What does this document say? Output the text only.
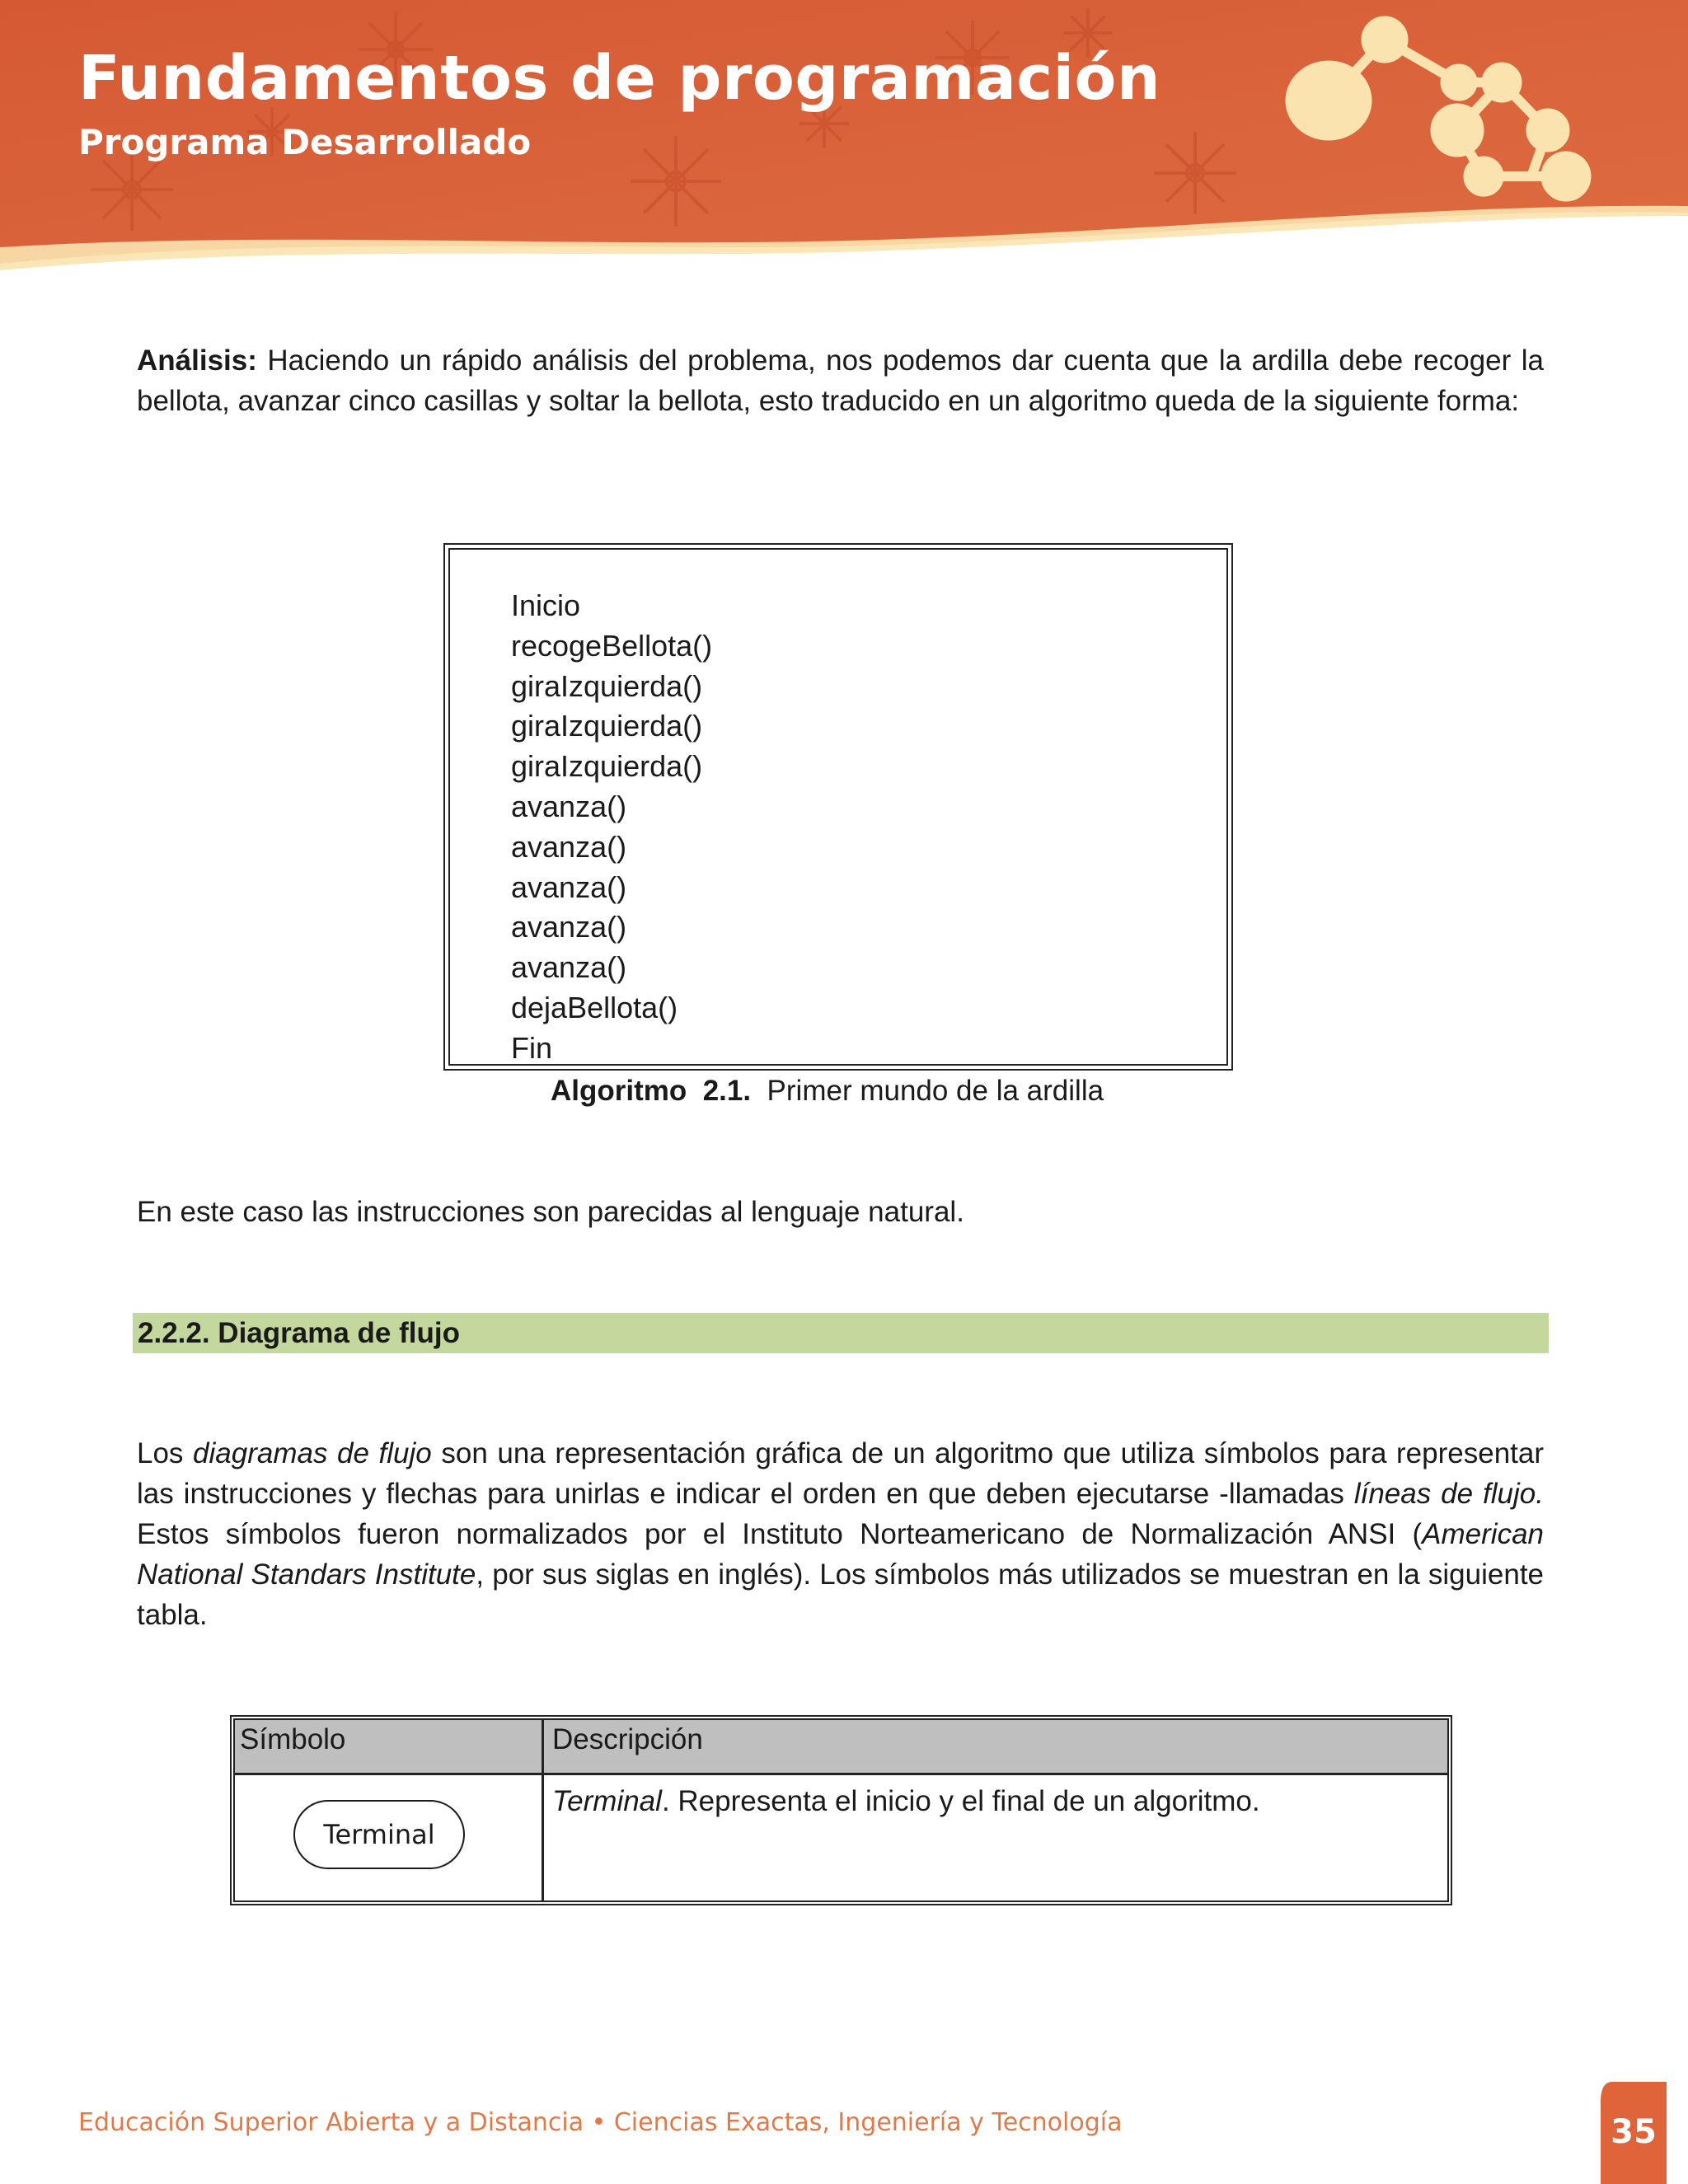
Fundamentos de programación
Programa Desarrollado

Análisis: Haciendo un rápido análisis del problema, nos podemos dar cuenta que la ardilla debe recoger la bellota, avanzar cinco casillas y soltar la bellota, esto traducido en un algoritmo queda de la siguiente forma:

Inicio
recogeBellota()
giraIzquierda()
giraIzquierda()
giraIzquierda()
avanza()
avanza()
avanza()
avanza()
avanza()
dejaBellota()
Fin

Algoritmo  2.1.  Primer mundo de la ardilla

En este caso las instrucciones son parecidas al lenguaje natural.

2.2.2. Diagrama de flujo

Los diagramas de flujo son una representación gráfica de un algoritmo que utiliza símbolos para representar las instrucciones y flechas para unirlas e indicar el orden en que deben ejecutarse -llamadas líneas de flujo.  Estos símbolos fueron normalizados por el Instituto Norteamericano de Normalización ANSI (American National Standars Institute, por sus siglas en inglés). Los símbolos más utilizados se muestran en la siguiente tabla.

Símbolo	Descripción
Terminal
Terminal. Representa el inicio y el final de un algoritmo.

Educación Superior Abierta y a Distancia • Ciencias Exactas, Ingeniería y Tecnología	35
